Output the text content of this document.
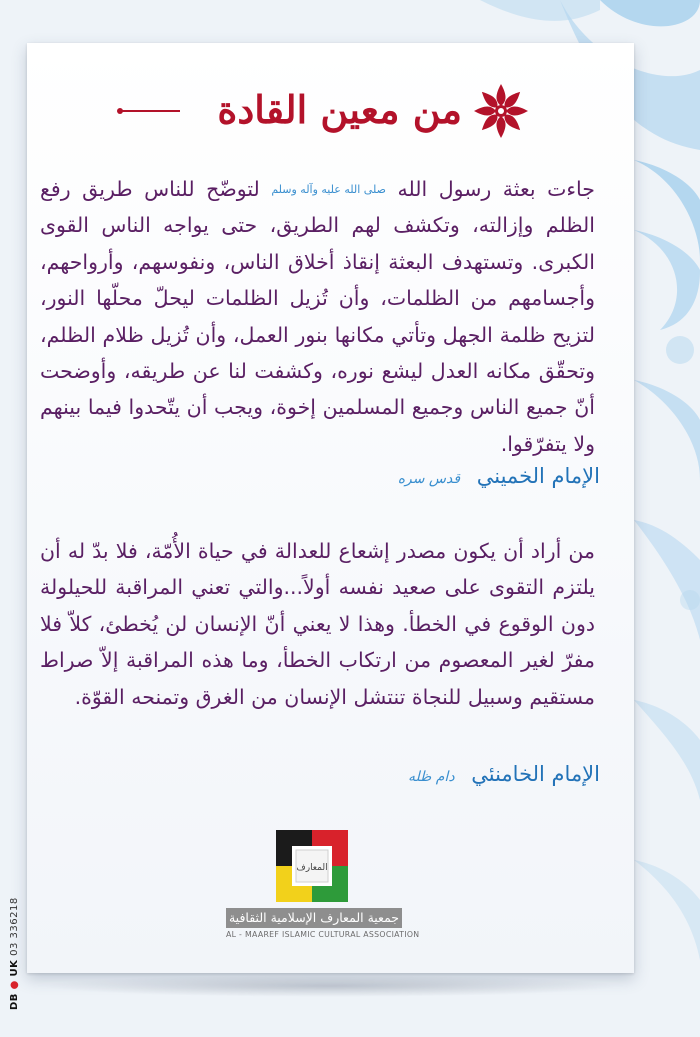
من معين القادة
جاءت بعثة رسول الله صلى الله عليه وآله وسلم لتوضّح للناس طريق رفع الظلم وإزالته، وتكشف لهم الطريق، حتى يواجه الناس القوى الكبرى. وتستهدف البعثة إنقاذ أخلاق الناس، ونفوسهم، وأرواحهم، وأجسامهم من الظلمات، وأن تُزيل الظلمات ليحلّ محلّها النور، لتزيح ظلمة الجهل وتأتي مكانها بنور العمل، وأن تُزيل ظلام الظلم، وتحقّق مكانه العدل ليشع نوره، وكشفت لنا عن طريقه، وأوضحت أنّ جميع الناس وجميع المسلمين إخوة، ويجب أن يتّحدوا فيما بينهم ولا يتفرّقوا.
الإمام الخميني قدس سره
من أراد أن يكون مصدر إشعاع للعدالة في حياة الأُمّة، فلا بدّ له أن يلتزم التقوى على صعيد نفسه أولاً...والتي تعني المراقبة للحيلولة دون الوقوع في الخطأ. وهذا لا يعني أنّ الإنسان لن يُخطئ، كلاّ فلا مفرّ لغير المعصوم من ارتكاب الخطأ، وما هذه المراقبة إلاّ صراط مستقيم وسبيل للنجاة تنتشل الإنسان من الغرق وتمنحه القوّة.
الإمام الخامنئي دام ظله
المعارف
جمعية المعارف الإسلامية الثقافية
AL - MAAREF ISLAMIC CULTURAL ASSOCIATION
DB ● UK 03 336218
